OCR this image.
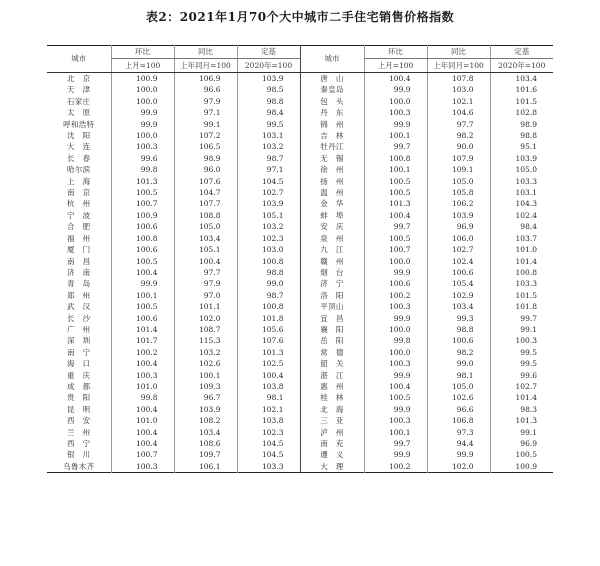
表2：2021年1月70个大中城市二手住宅销售价格指数
城市	环比	同比	定基	城市	环比	同比	定基
	上月=100	上年同月=100	2020年=100		上月=100	上年同月=100	2020年=100
北　京	100.9	106.9	103.9	唐　山	100.4	107.8	103.4
天　津	100.0	96.6	98.5	秦皇岛	99.9	103.0	101.6
石家庄	100.0	97.9	98.8	包　头	100.0	102.1	101.5
太　原	99.9	97.1	98.4	丹　东	100.3	104.6	102.8
呼和浩特	99.9	99.1	99.5	锦　州	99.9	97.7	98.9
沈　阳	100.0	107.2	103.1	吉　林	100.1	98.2	98.8
大　连	100.3	106.5	103.2	牡丹江	99.7	90.0	95.1
长　春	99.6	98.9	98.7	无　锡	100.8	107.9	103.9
哈尔滨	99.8	96.0	97.1	徐　州	100.1	109.1	105.0
上　海	101.3	107.6	104.5	扬　州	100.5	105.0	103.3
南　京	100.5	104.7	102.7	温　州	100.5	105.8	103.1
杭　州	100.7	107.7	103.9	金　华	101.3	106.2	104.3
宁　波	100.9	108.8	105.1	蚌　埠	100.4	103.9	102.4
合　肥	100.6	105.0	103.2	安　庆	99.7	96.9	98.4
福　州	100.8	103.4	102.3	泉　州	100.5	106.0	103.7
厦　门	100.6	105.1	103.0	九　江	100.7	102.7	101.0
南　昌	100.5	100.4	100.8	赣　州	100.0	102.4	101.4
济　南	100.4	97.7	98.8	烟　台	99.9	100.6	100.8
青　岛	99.9	97.9	99.0	济　宁	100.6	105.4	103.3
郑　州	100.1	97.0	98.7	洛　阳	100.2	102.9	101.5
武　汉	100.5	101.1	100.8	平顶山	100.3	103.4	101.8
长　沙	100.6	102.0	101.8	宜　昌	99.9	99.3	99.7
广　州	101.4	108.7	105.6	襄　阳	100.0	98.8	99.1
深　圳	101.7	115.3	107.6	岳　阳	99.8	100.6	100.3
南　宁	100.2	103.2	101.3	常　德	100.0	98.2	99.5
海　口	100.4	102.6	102.5	韶　关	100.3	99.0	99.5
重　庆	100.3	100.1	100.4	湛　江	99.9	98.1	99.6
成　都	101.0	109.3	103.8	惠　州	100.4	105.0	102.7
贵　阳	99.8	96.7	98.1	桂　林	100.5	102.6	101.4
昆　明	100.4	103.9	102.1	北　海	99.9	96.6	98.3
西　安	101.0	108.2	103.8	三　亚	100.3	106.8	101.3
兰　州	100.4	103.4	102.3	泸　州	100.1	97.3	99.1
西　宁	100.4	108.6	104.5	南　充	99.7	94.4	96.9
银　川	100.7	109.7	104.5	遵　义	99.9	99.9	100.5
乌鲁木齐	100.3	106.1	103.3	大　理	100.2	102.0	100.9
